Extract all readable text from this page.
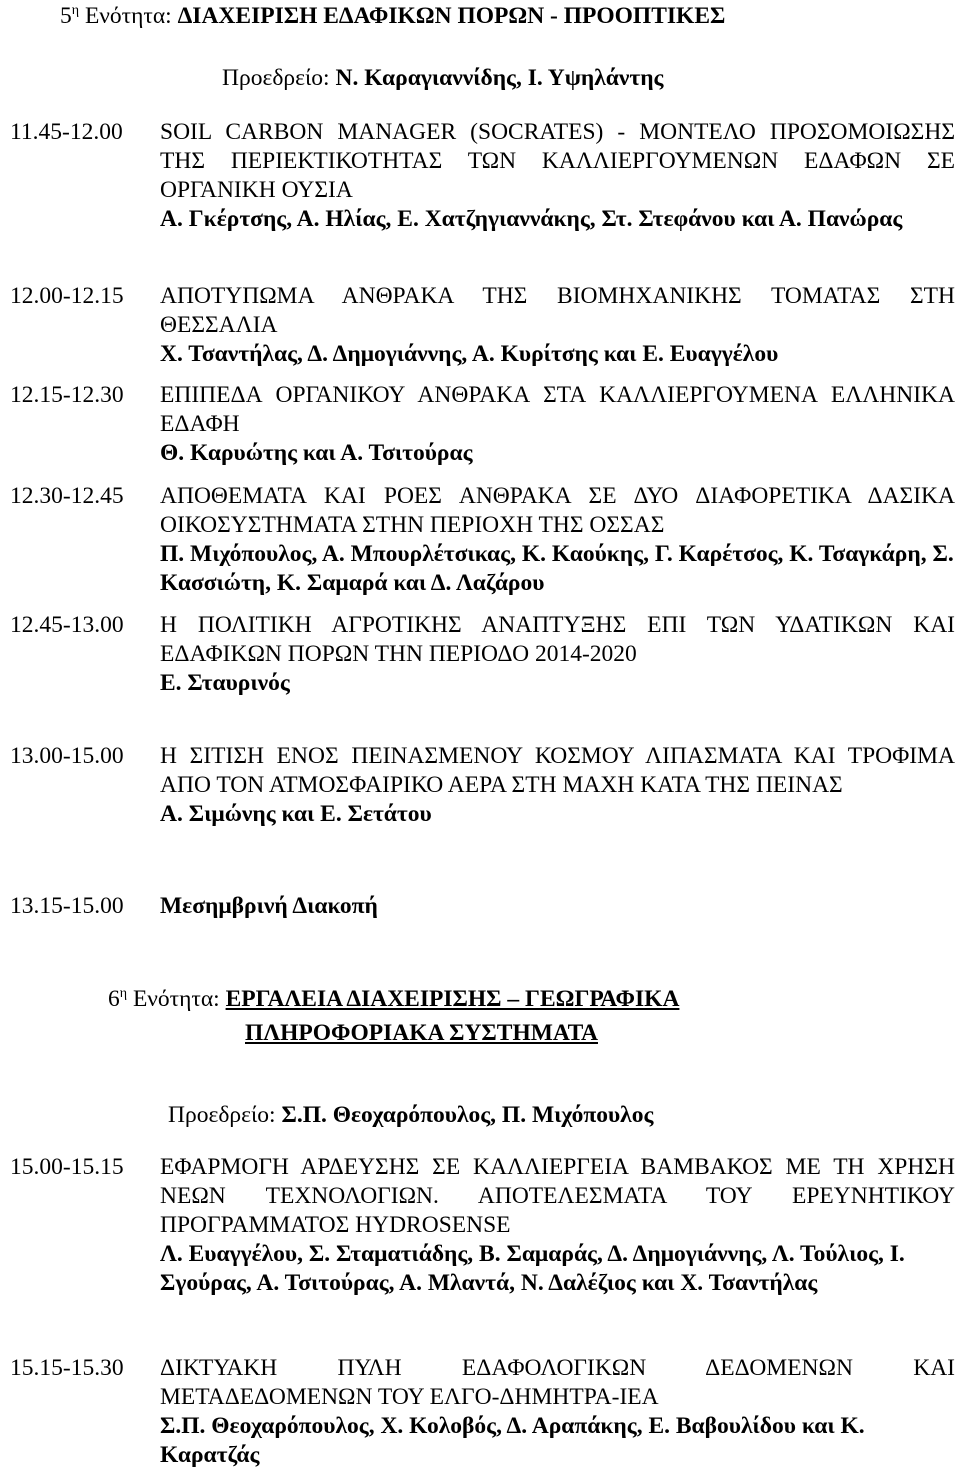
$5^\eta$ Ενότητα: ΔΙΑΧΕΙΡΙΣΗ ΕΔΑΦΙΚΩΝ ΠΟΡΩΝ - ΠΡΟΟΠΤΙΚΕΣ
Προεδρείο: Ν. Καραγιαννίδης, Ι. Υψηλάντης
11.45-12.00 SOIL CARBON MANAGER (SOCRATES) - ΜΟΝΤΕΛΟ ΠΡΟΣΟΜΟΙΩΣΗΣ ΤΗΣ ΠΕΡΙΕΚΤΙΚΟΤΗΤΑΣ ΤΩΝ ΚΑΛΛΙΕΡΓΟΥΜΕΝΩΝ ΕΔΑΦΩΝ ΣΕ ΟΡΓΑΝΙΚΗ ΟΥΣΙΑ
Α. Γκέρτσης, Α. Ηλίας, Ε. Χατζηγιαννάκης, Στ. Στεφάνου και Α. Πανώρας
12.00-12.15 ΑΠΟΤΥΠΩΜΑ ΑΝΘΡΑΚΑ ΤΗΣ ΒΙΟΜΗΧΑΝΙΚΗΣ ΤΟΜΑΤΑΣ ΣΤΗ ΘΕΣΣΑΛΙΑ
Χ. Τσαντήλας, Δ. Δημογιάννης, Α. Κυρίτσης και Ε. Ευαγγέλου
12.15-12.30 ΕΠΙΠΕΔΑ ΟΡΓΑΝΙΚΟΥ ΑΝΘΡΑΚΑ ΣΤΑ ΚΑΛΛΙΕΡΓΟΥΜΕΝΑ ΕΛΛΗΝΙΚΑ ΕΔΑΦΗ
Θ. Καρυώτης και Α. Τσιτούρας
12.30-12.45 ΑΠΟΘΕΜΑΤΑ ΚΑΙ ΡΟΕΣ ΑΝΘΡΑΚΑ ΣΕ ΔΥΟ ΔΙΑΦΟΡΕΤΙΚΑ ΔΑΣΙΚΑ ΟΙΚΟΣΥΣΤΗΜΑΤΑ ΣΤΗΝ ΠΕΡΙΟΧΗ ΤΗΣ ΟΣΣΑΣ
Π. Μιχόπουλος, Α. Μπουρλέτσικας, Κ. Καούκης, Γ. Καρέτσος, Κ. Τσαγκάρη, Σ. Κασσιώτη, Κ. Σαμαρά και Δ. Λαζάρου
12.45-13.00 Η ΠΟΛΙΤΙΚΗ ΑΓΡΟΤΙΚΗΣ ΑΝΑΠΤΥΞΗΣ ΕΠΙ ΤΩΝ ΥΔΑΤΙΚΩΝ ΚΑΙ ΕΔΑΦΙΚΩΝ ΠΟΡΩΝ ΤΗΝ ΠΕΡΙΟΔΟ 2014-2020
Ε. Σταυρινός
13.00-15.00 Η ΣΙΤΙΣΗ ΕΝΟΣ ΠΕΙΝΑΣΜΕΝΟΥ ΚΟΣΜΟΥ ΛΙΠΑΣΜΑΤΑ ΚΑΙ ΤΡΟΦΙΜΑ ΑΠΟ ΤΟΝ ΑΤΜΟΣΦΑΙΡΙΚΟ ΑΕΡΑ ΣΤΗ ΜΑΧΗ ΚΑΤΑ ΤΗΣ ΠΕΙΝΑΣ
Α. Σιμώνης και Ε. Σετάτου
13.15-15.00 Μεσημβρινή Διακοπή
$6^\eta$ Ενότητα: ΕΡΓΑΛΕΙΑ ΔΙΑΧΕΙΡΙΣΗΣ – ΓΕΩΓΡΑΦΙΚΑ
ΠΛΗΡΟΦΟΡΙΑΚΑ ΣΥΣΤΗΜΑΤΑ
Προεδρείο: Σ.Π. Θεοχαρόπουλος, Π. Μιχόπουλος
15.00-15.15 ΕΦΑΡΜΟΓΗ ΑΡΔΕΥΣΗΣ ΣΕ ΚΑΛΛΙΕΡΓΕΙΑ ΒΑΜΒΑΚΟΣ ΜΕ ΤΗ ΧΡΗΣΗ ΝΕΩΝ ΤΕΧΝΟΛΟΓΙΩΝ. ΑΠΟΤΕΛΕΣΜΑΤΑ ΤΟΥ ΕΡΕΥΝΗΤΙΚΟΥ ΠΡΟΓΡΑΜΜΑΤΟΣ HYDROSENSE
Λ. Ευαγγέλου, Σ. Σταματιάδης, Β. Σαμαράς, Δ. Δημογιάννης, Λ. Τούλιος, Ι. Σγούρας, Α. Τσιτούρας, Α. Μλαντά, Ν. Δαλέζιος και Χ. Τσαντήλας
15.15-15.30 ΔΙΚΤΥΑΚΗ ΠΥΛΗ ΕΔΑΦΟΛΟΓΙΚΩΝ ΔΕΔΟΜΕΝΩΝ ΚΑΙ ΜΕΤΑΔΕΔΟΜΕΝΩΝ ΤΟΥ ΕΛΓΟ-ΔΗΜΗΤΡΑ-ΙΕΑ
Σ.Π. Θεοχαρόπουλος, Χ. Κολοβός, Δ. Αραπάκης, Ε. Βαβουλίδου και Κ. Καρατζάς
